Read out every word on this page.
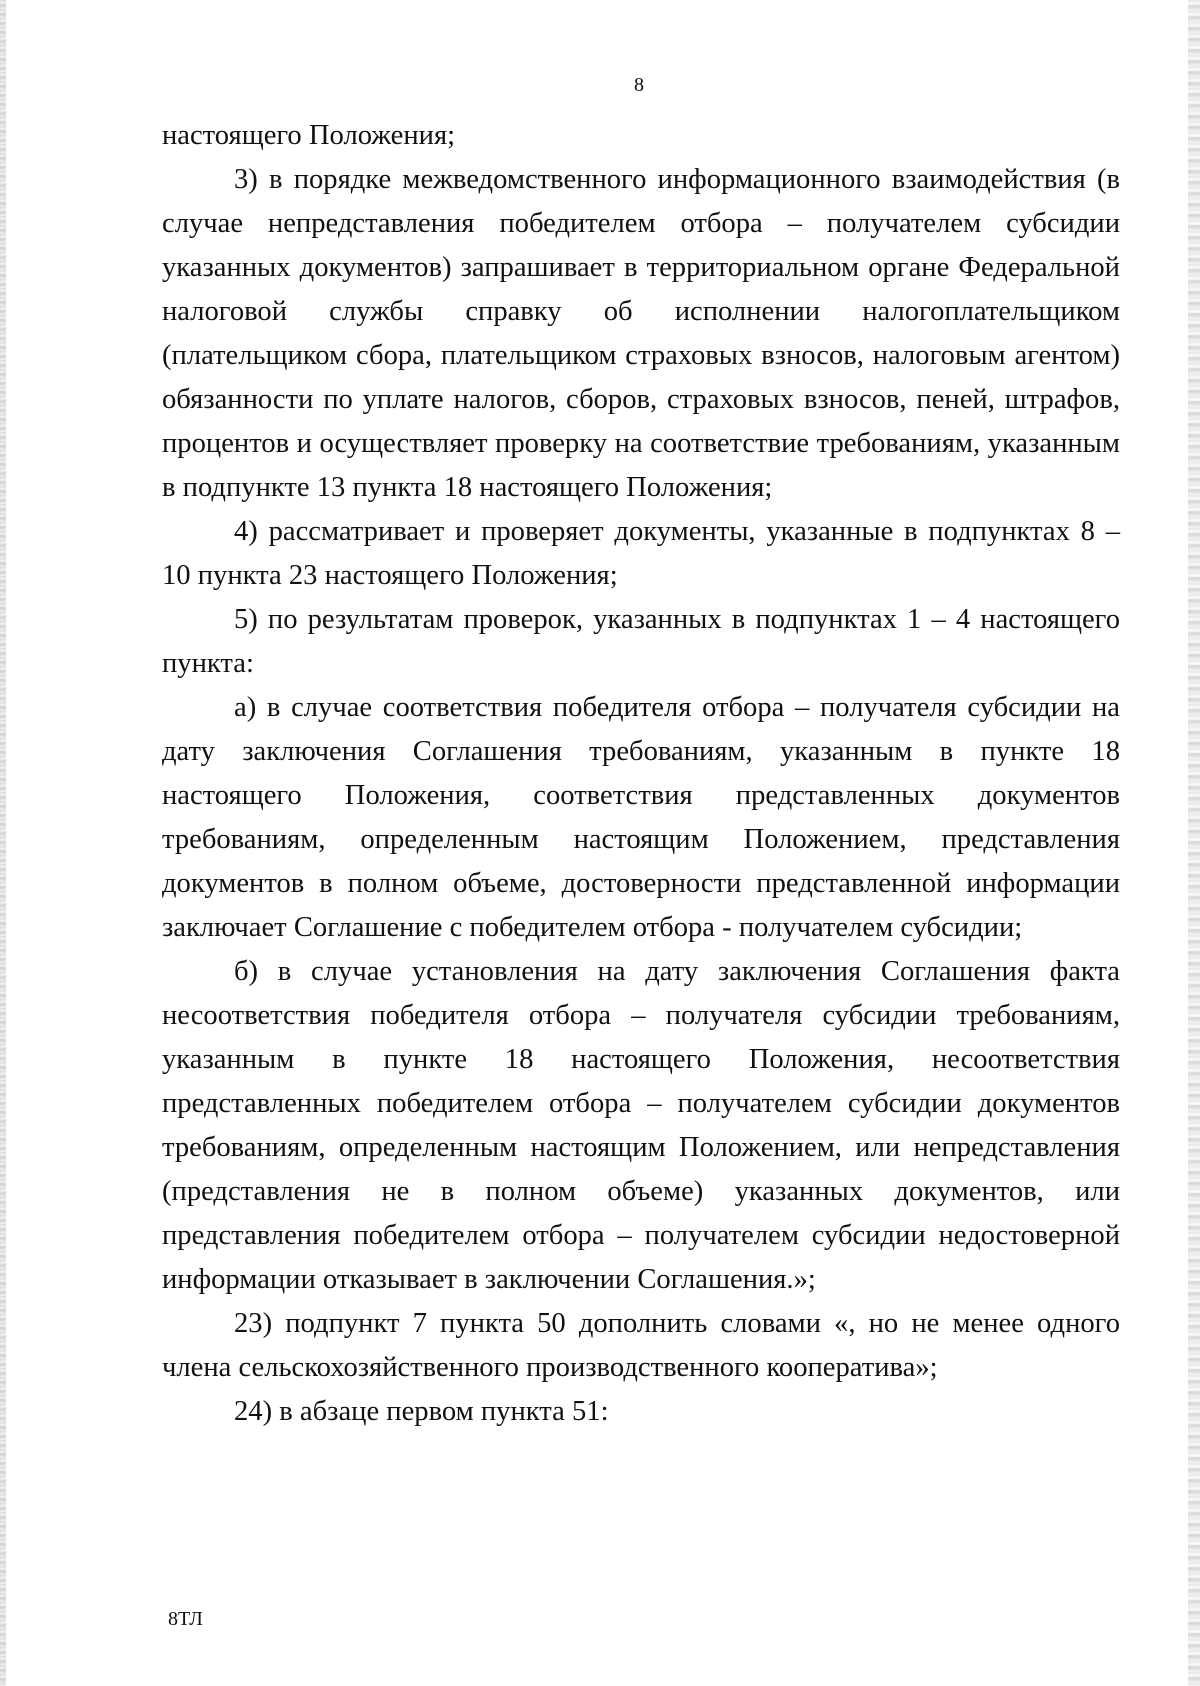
8

настоящего Положения;

3) в порядке межведомственного информационного взаимодействия (в случае непредставления победителем отбора – получателем субсидии указанных документов) запрашивает в территориальном органе Федеральной налоговой службы справку об исполнении налогоплательщиком (плательщиком сбора, плательщиком страховых взносов, налоговым агентом) обязанности по уплате налогов, сборов, страховых взносов, пеней, штрафов, процентов и осуществляет проверку на соответствие требованиям, указанным в подпункте 13 пункта 18 настоящего Положения;

4) рассматривает и проверяет документы, указанные в подпунктах 8 – 10 пункта 23 настоящего Положения;

5) по результатам проверок, указанных в подпунктах 1 – 4 настоящего пункта:

а) в случае соответствия победителя отбора – получателя субсидии на дату заключения Соглашения требованиям, указанным в пункте 18 настоящего Положения, соответствия представленных документов требованиям, определенным настоящим Положением, представления документов в полном объеме, достоверности представленной информации заключает Соглашение с победителем отбора - получателем субсидии;

б) в случае установления на дату заключения Соглашения факта несоответствия победителя отбора – получателя субсидии требованиям, указанным в пункте 18 настоящего Положения, несоответствия представленных победителем отбора – получателем субсидии документов требованиям, определенным настоящим Положением, или непредставления (представления не в полном объеме) указанных документов, или представления победителем отбора – получателем субсидии недостоверной информации отказывает в заключении Соглашения.»;

23) подпункт 7 пункта 50 дополнить словами «, но не менее одного члена сельскохозяйственного производственного кооператива»;

24) в абзаце первом пункта 51:

8ТЛ
